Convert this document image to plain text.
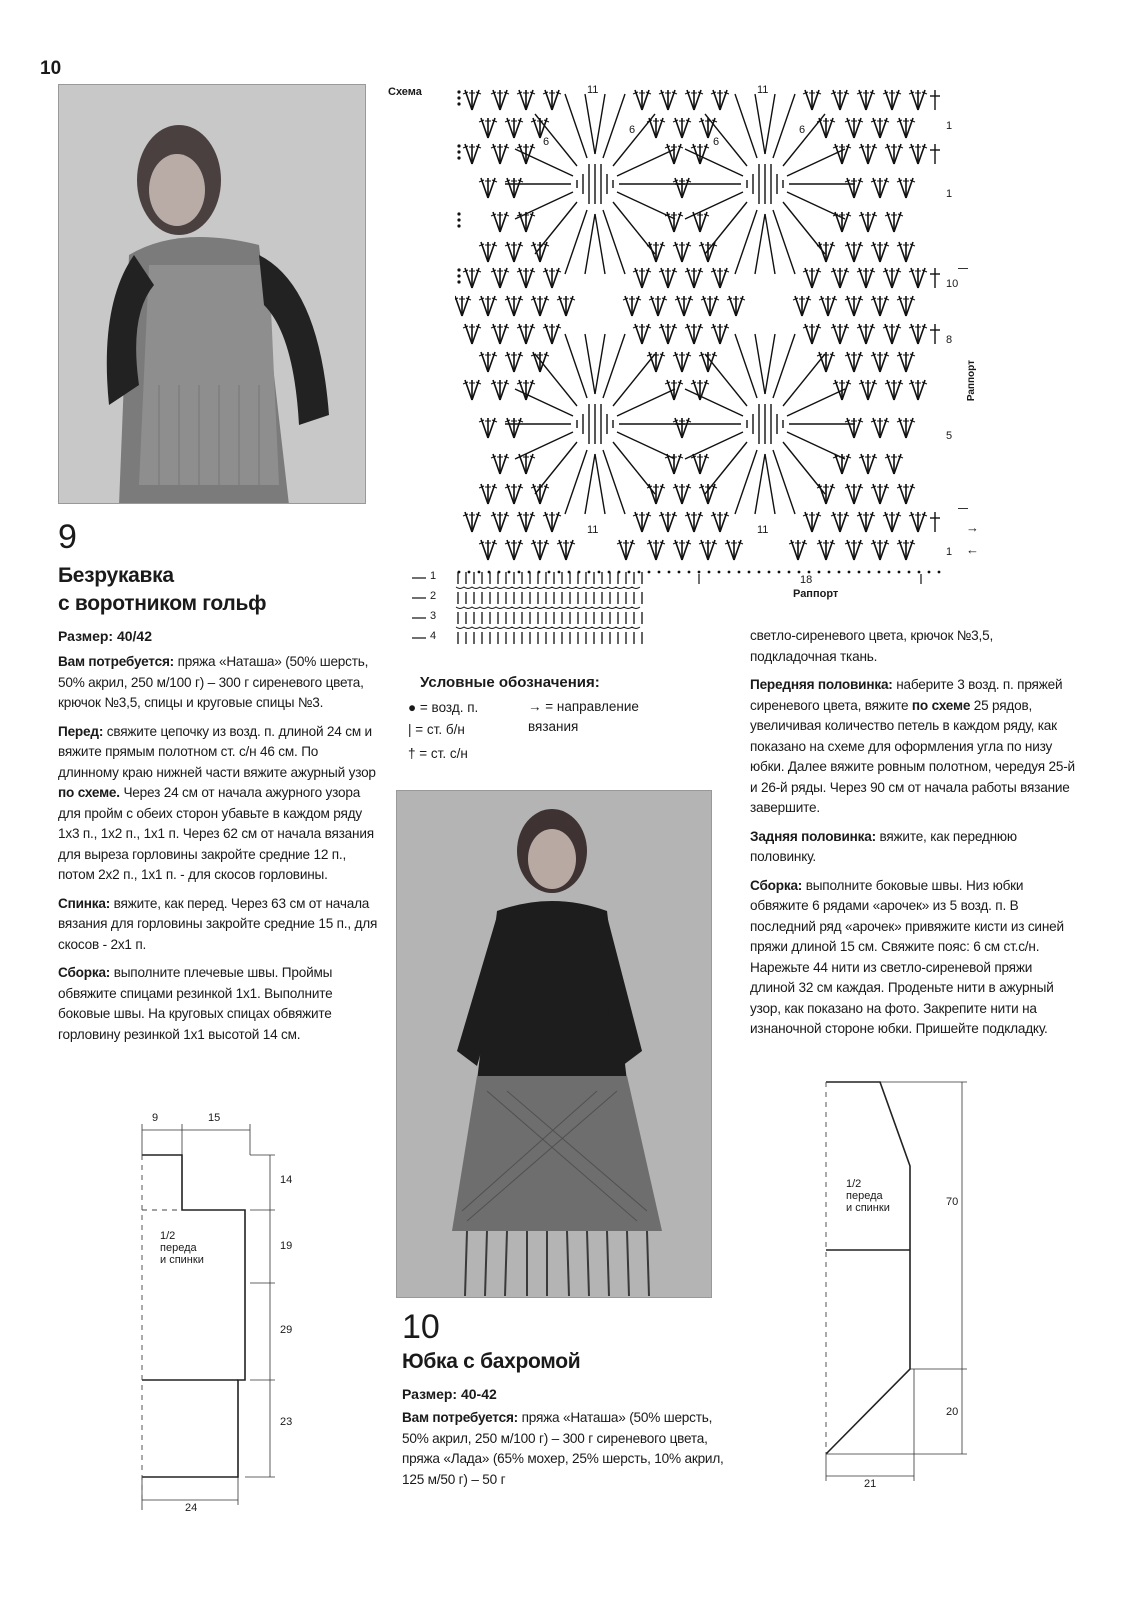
10
9
Безрукавка
с воротником гольф
Размер: 40/42

Вам потребуется: пряжа «Наташа» (50% шерсть, 50% акрил, 250 м/100 г) – 300 г сиреневого цвета, крючок №3,5, спицы и круговые спицы №3.

Перед: свяжите цепочку из возд. п. длиной 24 см и вяжите прямым полотном ст. с/н 46 см. По длинному краю нижней части вяжите ажурный узор по схеме. Через 24 см от начала ажурного узора для пройм с обеих сторон убавьте в каждом ряду 1х3 п., 1х2 п., 1х1 п. Через 62 см от начала вязания для выреза горловины закройте средние 12 п., потом 2х2 п., 1х1 п. - для скосов горловины.

Спинка: вяжите, как перед. Через 63 см от начала вязания для горловины закройте средние 15 п., для скосов - 2х1 п.

Сборка: выполните плечевые швы. Проймы обвяжите спицами резинкой 1х1. Выполните боковые швы. На круговых спицах обвяжите горловину резинкой 1х1 высотой 14 см.

9	15
14
19
29
23
24
1/2
переда
и спинки
Схема	11	11
11	11
6
6
6
6	1
1
10
8
Раппорт
5
→
1 ←
18
Раппорт
1
2
3
4
Условные обозначения:
● = возд. п.
| = ст. б/н
† = ст. с/н
→ = направление вязания
10
Юбка с бахромой
Размер: 40-42

Вам потребуется: пряжа «Наташа» (50% шерсть, 50% акрил, 250 м/100 г) – 300 г сиреневого цвета, пряжа «Лада» (65% мохер, 25% шерсть, 10% акрил, 125 м/50 г) – 50 г

светло-сиреневого цвета, крючок №3,5, подкладочная ткань.

Передняя половинка: наберите 3 возд. п. пряжей сиреневого цвета, вяжите по схеме 25 рядов, увеличивая количество петель в каждом ряду, как показано на схеме для оформления угла по низу юбки. Далее вяжите ровным полотном, чередуя 25-й и 26-й ряды. Через 90 см от начала работы вязание завершите.

Задняя половинка: вяжите, как переднюю половинку.

Сборка: выполните боковые швы. Низ юбки обвяжите 6 рядами «арочек» из 5 возд. п. В последний ряд «арочек» привяжите кисти из синей пряжи длиной 15 см. Свяжите пояс: 6 см ст.с/н. Нарежьте 44 нити из светло-сиреневой пряжи длиной 32 см каждая. Проденьте нити в ажурный узор, как показано на фото. Закрепите нити на изнаночной стороне юбки. Пришейте подкладку.

70
20
21
1/2
переда
и спинки
